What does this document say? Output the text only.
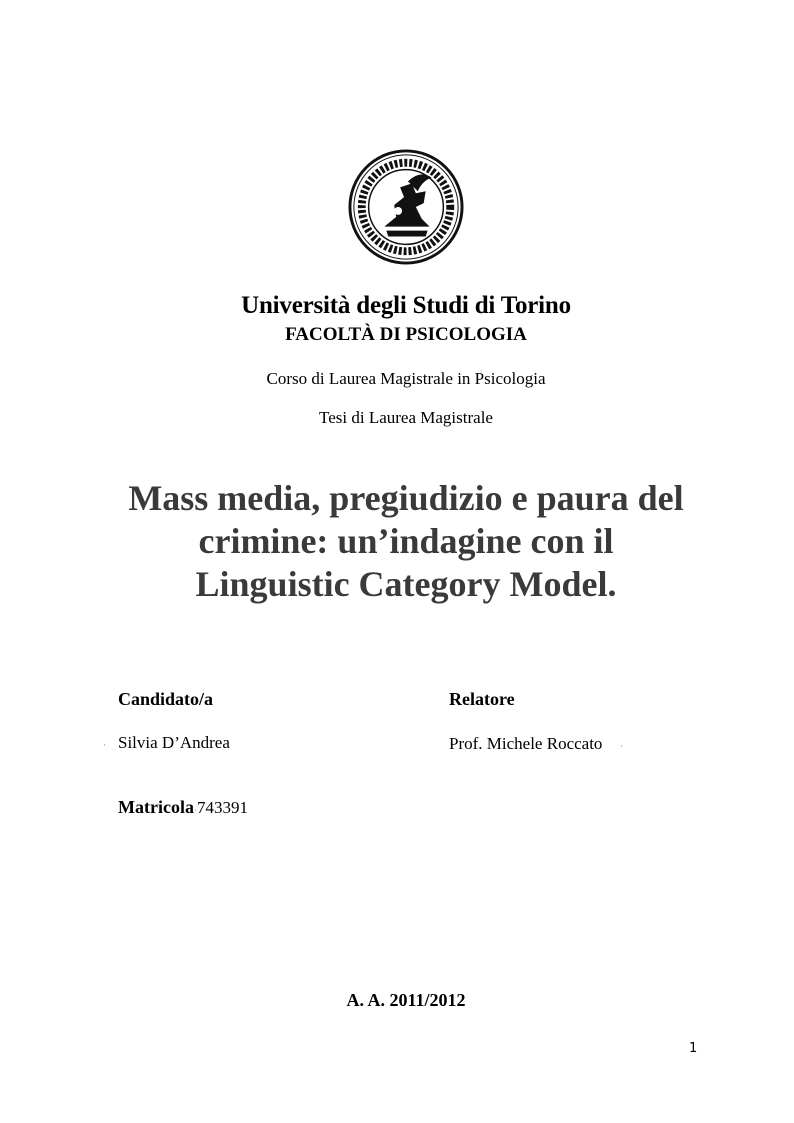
Università degli Studi di Torino
FACOLTÀ DI PSICOLOGIA
Corso di Laurea Magistrale in Psicologia
Tesi di Laurea Magistrale
Mass media, pregiudizio e paura del
crimine: un’indagine con il
Linguistic Category Model.
Candidato/a
· Silvia D’Andrea
Relatore
Prof. Michele Roccato ·
Matricola·743391
A. A. 2011/2012
1
